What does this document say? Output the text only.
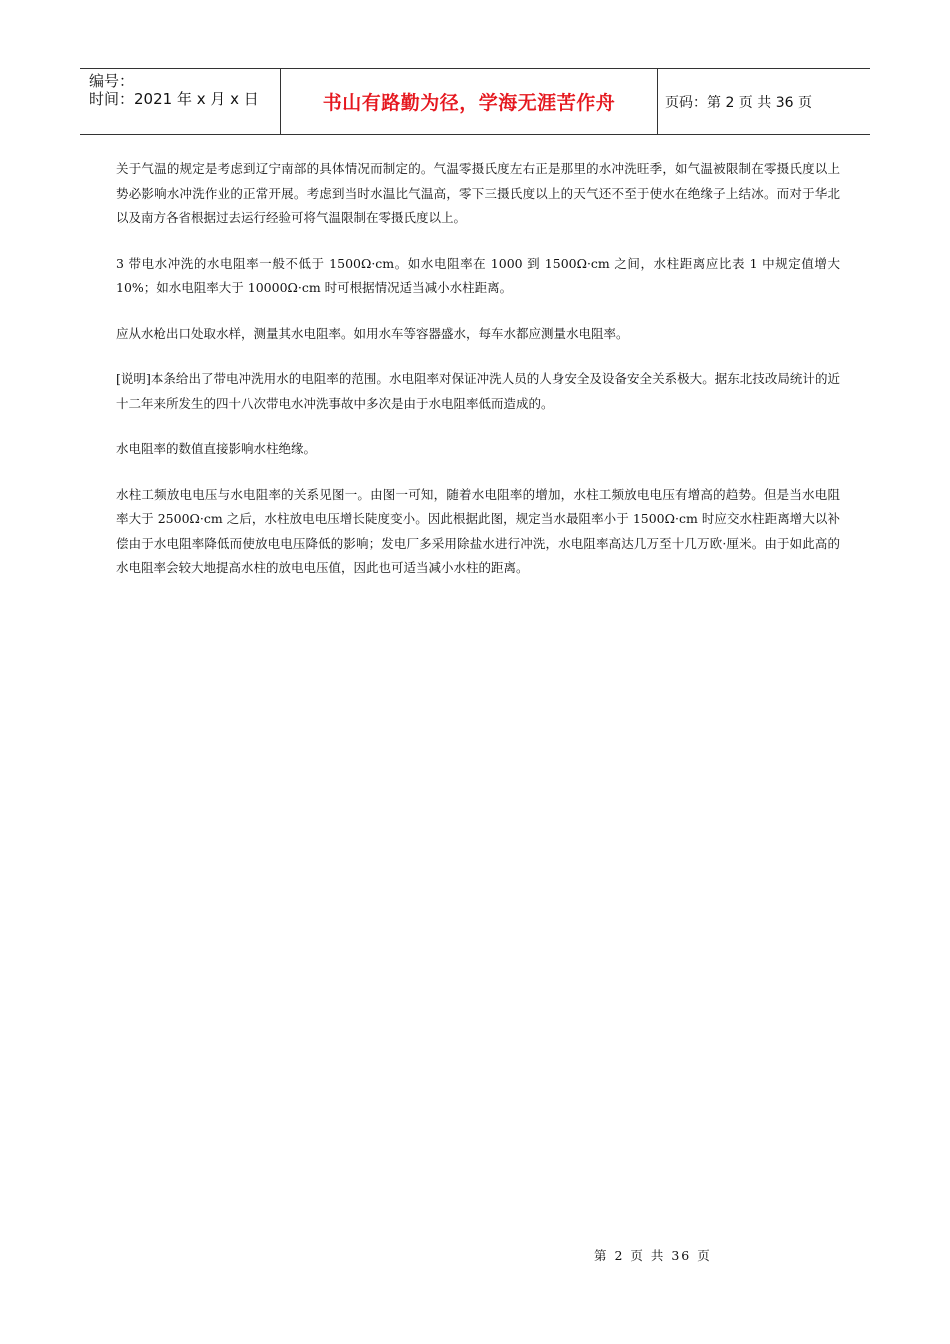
编号：
时间：2021 年 x 月 x 日	书山有路勤为径，学海无涯苦作舟	页码：第 2 页 共 36 页

关于气温的规定是考虑到辽宁南部的具体情况而制定的。气温零摄氏度左右正是那里的水冲洗旺季，如气温被限制在零摄氏度以上势必影响水冲洗作业的正常开展。考虑到当时水温比气温高，零下三摄氏度以上的天气还不至于使水在绝缘子上结冰。而对于华北以及南方各省根据过去运行经验可将气温限制在零摄氏度以上。

3 带电水冲洗的水电阻率一般不低于 1500Ω·cm。如水电阻率在 1000 到 1500Ω·cm 之间，水柱距离应比表 1 中规定值增大 10%；如水电阻率大于 10000Ω·cm 时可根据情况适当减小水柱距离。

应从水枪出口处取水样，测量其水电阻率。如用水车等容器盛水，每车水都应测量水电阻率。

[说明]本条给出了带电冲洗用水的电阻率的范围。水电阻率对保证冲洗人员的人身安全及设备安全关系极大。据东北技改局统计的近十二年来所发生的四十八次带电水冲洗事故中多次是由于水电阻率低而造成的。

水电阻率的数值直接影响水柱绝缘。

水柱工频放电电压与水电阻率的关系见图一。由图一可知，随着水电阻率的增加，水柱工频放电电压有增高的趋势。但是当水电阻率大于 2500Ω·cm 之后，水柱放电电压增长陡度变小。因此根据此图，规定当水最阻率小于 1500Ω·cm 时应交水柱距离增大以补偿由于水电阻率降低而使放电电压降低的影响；发电厂多采用除盐水进行冲洗，水电阻率高达几万至十几万欧·厘米。由于如此高的水电阻率会较大地提高水柱的放电电压值，因此也可适当减小水柱的距离。

第 2 页 共 36 页
